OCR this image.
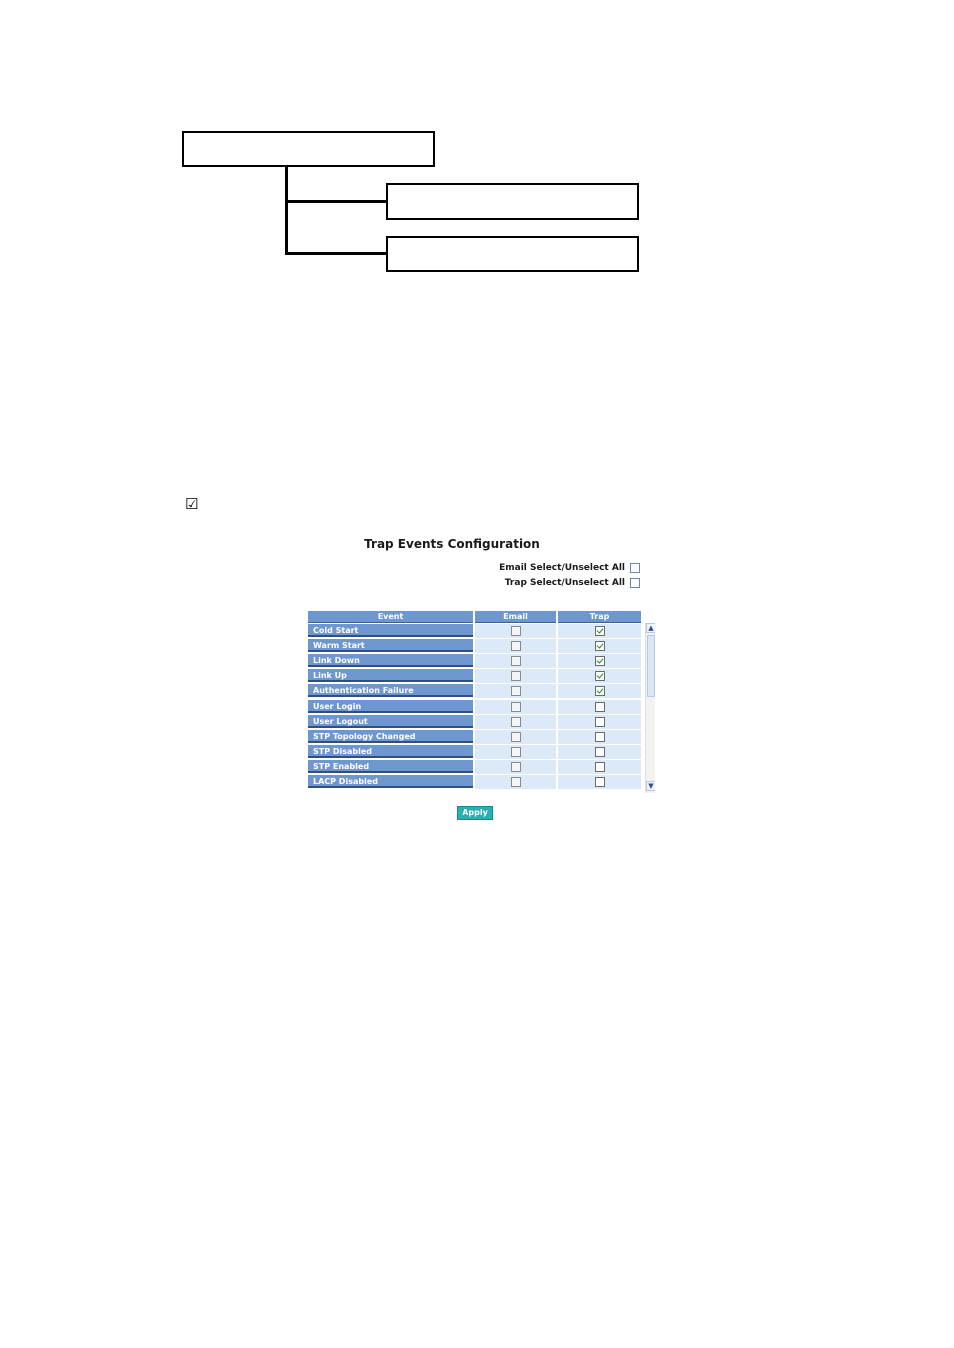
☑
Trap Events Configuration
Email Select/Unselect All
Trap Select/Unselect All
Event	Email	Trap
Cold Start
Warm Start
Link Down
Link Up
Authentication Failure
User Login
User Logout
STP Topology Changed
STP Disabled
STP Enabled
LACP Disabled
▲
▼
Apply
